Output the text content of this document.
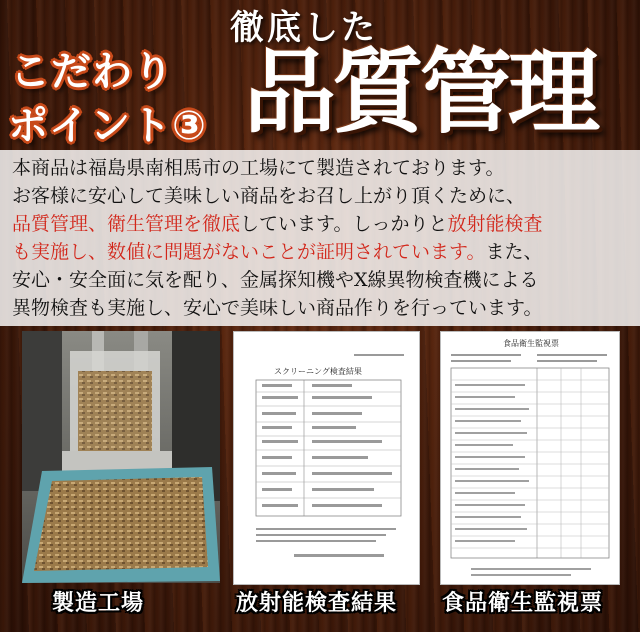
こだわり
ポイント③
徹底した
品質管理
本商品は福島県南相馬市の工場にて製造されております。
お客様に安心して美味しい商品をお召し上がり頂くために、
品質管理、衛生管理を徹底しています。しっかりと放射能検査
も実施し、数値に問題がないことが証明されています。また、
安心・安全面に気を配り、金属探知機やX線異物検査機による
異物検査も実施し、安心で美味しい商品作りを行っています。
スクリーニング検査結果
食品衛生監視票
製造工場	放射能検査結果 食品衛生監視票
